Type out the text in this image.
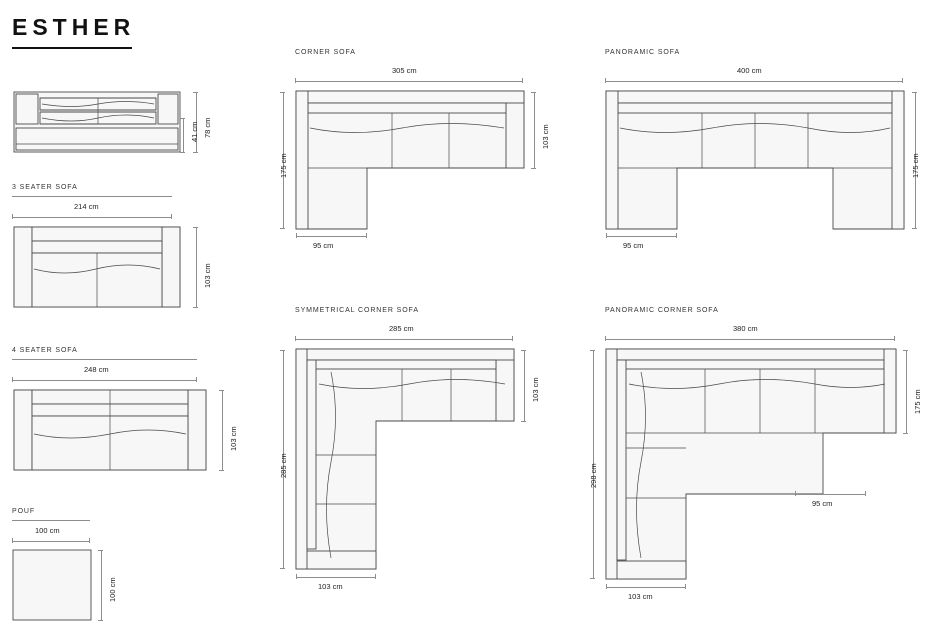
ESTHER
78 cm
41 cm
3 SEATER SOFA
214 cm
103 cm
4 SEATER SOFA
248 cm
103 cm
POUF
100 cm
100 cm
CORNER SOFA
305 cm
103 cm
175 cm
95 cm
SYMMETRICAL CORNER SOFA
285 cm
103 cm
285 cm
103 cm
PANORAMIC SOFA
400 cm
175 cm
95 cm
PANORAMIC CORNER SOFA
380 cm
175 cm
298 cm
103 cm
95 cm
